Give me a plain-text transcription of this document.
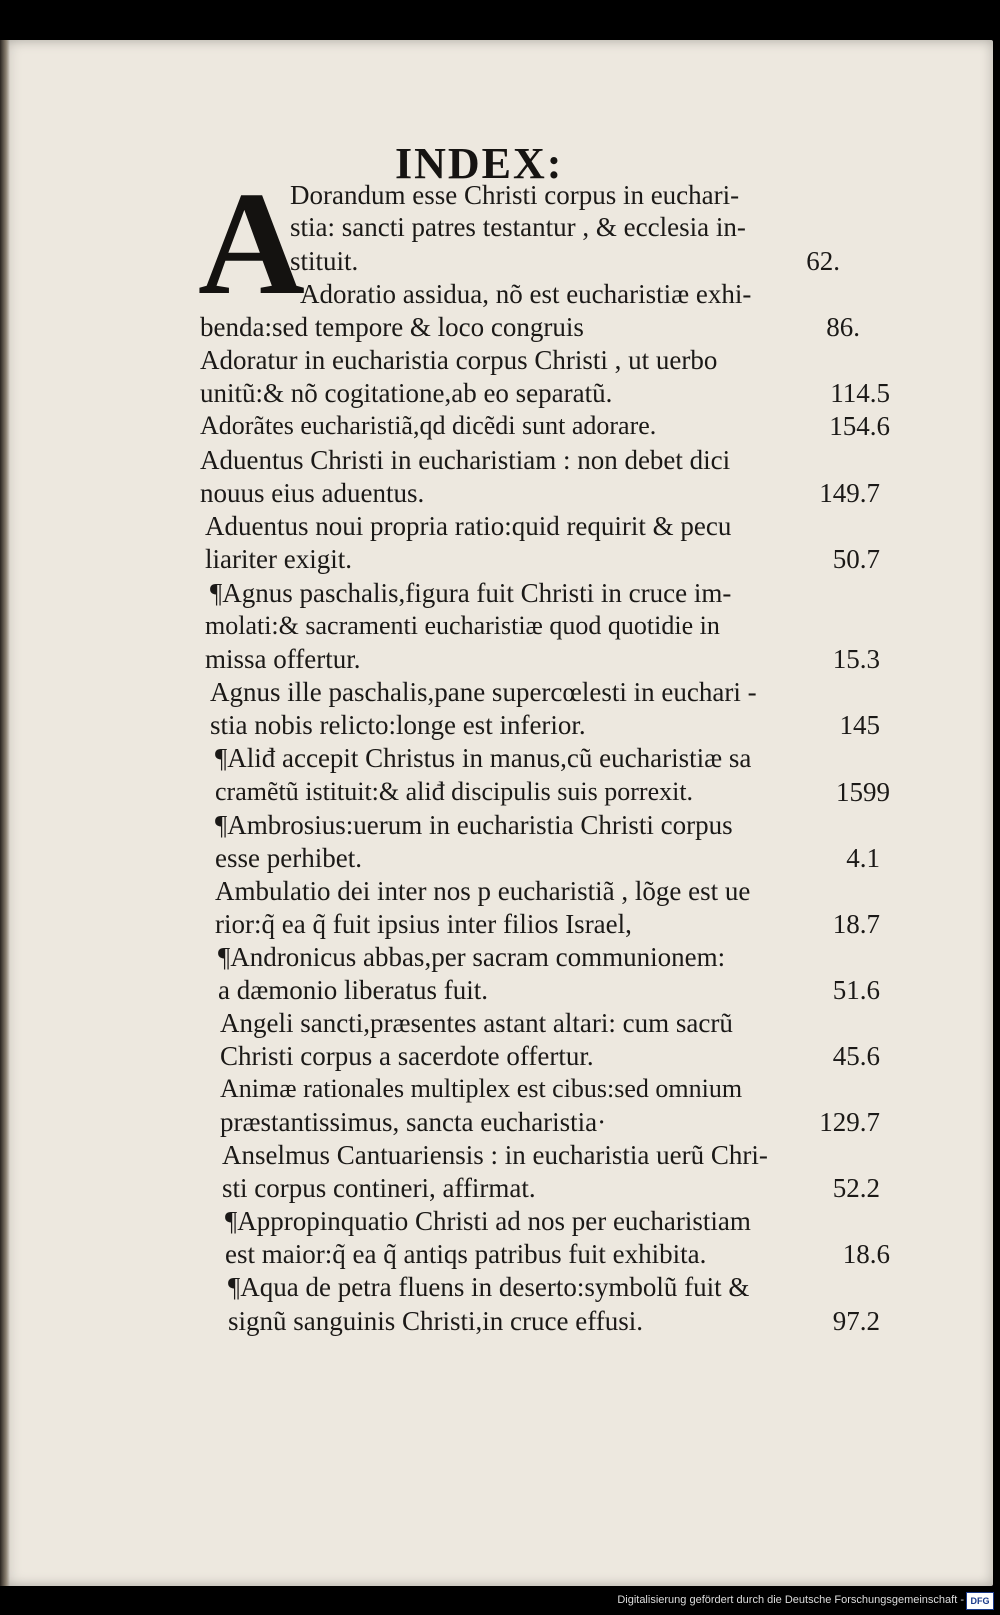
INDEX:
A
Dorandum esse Christi corpus in euchari-
stia: sancti patres testantur , & ecclesia in-
stituit.	62.
Adoratio assidua, nõ est eucharistiæ exhi-
benda:sed tempore & loco congruis	86.
Adoratur in eucharistia corpus Christi , ut uerbo
unitũ:& nõ cogitatione,ab eo separatũ.	114.5
Adorãtes eucharistiã,qd dicẽdi sunt adorare.	154.6
Aduentus Christi in eucharistiam : non debet dici
nouus eius aduentus.	149.7
Aduentus noui propria ratio:quid requirit & pecu
liariter exigit.	50.7
¶Agnus paschalis,figura fuit Christi in cruce im-
molati:& sacramenti eucharistiæ quod quotidie in
missa offertur.	15.3
Agnus ille paschalis,pane supercœlesti in euchari -
stia nobis relicto:longe est inferior.	145
¶Aliđ accepit Christus in manus,cũ eucharistiæ sa
cramẽtũ istituit:& aliđ discipulis suis porrexit.	1599
¶Ambrosius:uerum in eucharistia Christi corpus
esse perhibet.	4.1
Ambulatio dei inter nos p eucharistiã , lõge est ue
rior:q̃ ea q̃ fuit ipsius inter filios Israel,	18.7
¶Andronicus abbas,per sacram communionem:
a dæmonio liberatus fuit.	51.6
Angeli sancti,præsentes astant altari: cum sacrũ
Christi corpus a sacerdote offertur.	45.6
Animæ rationales multiplex est cibus:sed omnium
præstantissimus, sancta eucharistia·	129.7
Anselmus Cantuariensis : in eucharistia uerũ Chri-
sti corpus contineri, affirmat.	52.2
¶Appropinquatio Christi ad nos per eucharistiam
est maior:q̃ ea q̃ antiqs patribus fuit exhibita.	18.6
¶Aqua de petra fluens in deserto:symbolũ fuit &
signũ sanguinis Christi,in cruce effusi.	97.2
Digitalisierung gefördert durch die Deutsche Forschungsgemeinschaft - DFG
